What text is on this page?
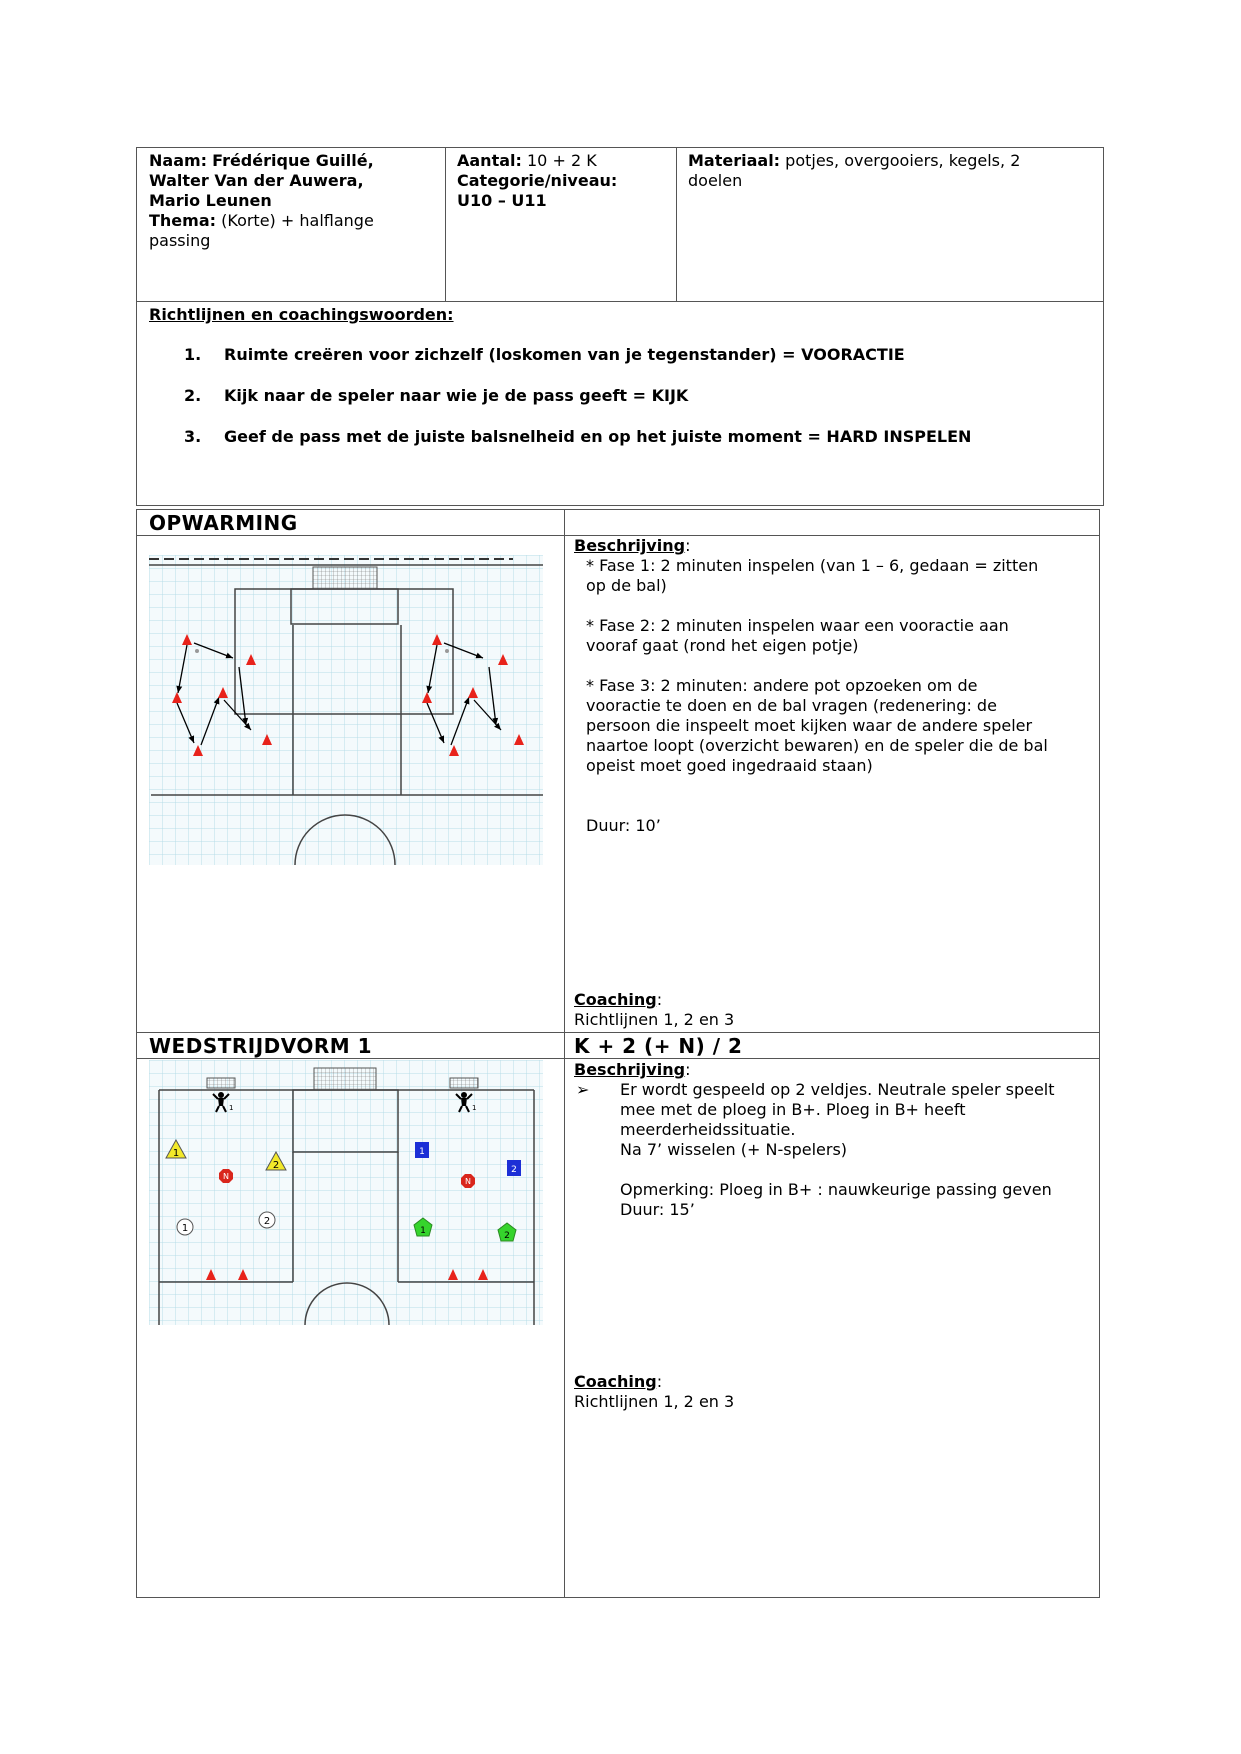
Naam: Frédérique Guillé,
Walter Van der Auwera,
Mario Leunen
Thema: (Korte) + halflange
passing
Aantal: 10 + 2 K
Categorie/niveau:
U10 – U11
Materiaal: potjes, overgooiers, kegels, 2
doelen
Richtlijnen en coachingswoorden:
1. Ruimte creëren voor zichzelf (loskomen van je tegenstander) = VOORACTIE
2. Kijk naar de speler naar wie je de pass geeft = KIJK
3. Geef de pass met de juiste balsnelheid en op het juiste moment = HARD INSPELEN
OPWARMING
Beschrijving:
* Fase 1: 2 minuten inspelen (van 1 – 6, gedaan = zitten
op de bal)
* Fase 2: 2 minuten inspelen waar een vooractie aan
vooraf gaat (rond het eigen potje)
* Fase 3: 2 minuten: andere pot opzoeken om de
vooractie te doen en de bal vragen (redenering: de
persoon die inspeelt moet kijken waar de andere speler
naartoe loopt (overzicht bewaren) en de speler die de bal
opeist moet goed ingedraaid staan)
Duur: 10’
Coaching:
Richtlijnen 1, 2 en 3
WEDSTRIJDVORM 1	K + 2 (+ N) / 2
1	1
1
2
N
N
1
2
1
2
1	2
Beschrijving:
➢ Er wordt gespeeld op 2 veldjes. Neutrale speler speelt
mee met de ploeg in B+. Ploeg in B+ heeft
meerderheidssituatie.
Na 7’ wisselen (+ N-spelers)
Opmerking: Ploeg in B+ : nauwkeurige passing geven
Duur: 15’
Coaching:
Richtlijnen 1, 2 en 3
